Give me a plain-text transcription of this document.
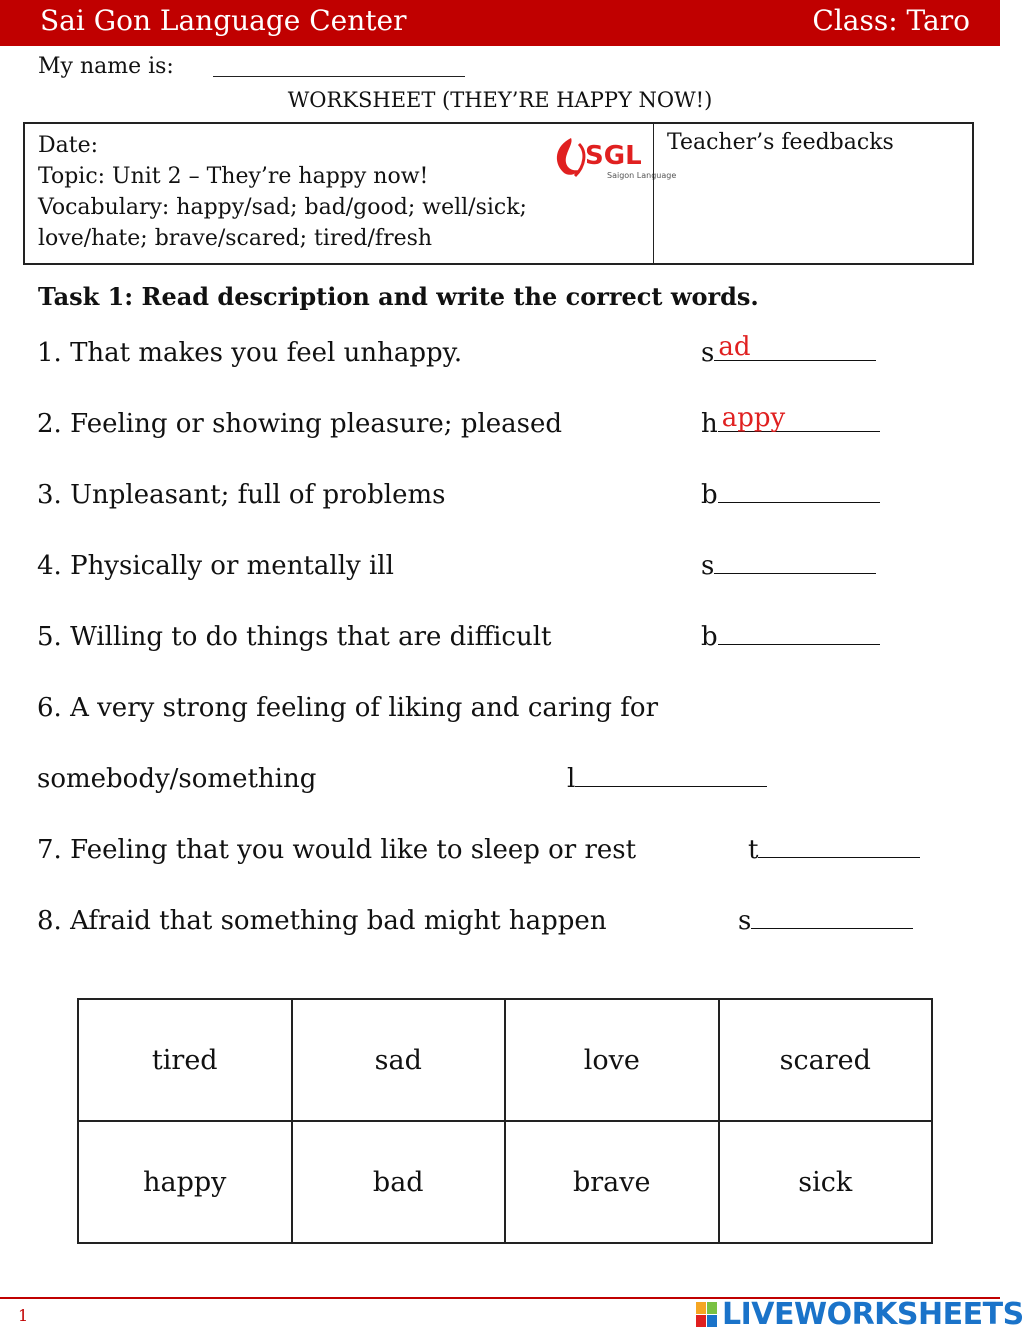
Sai Gon Language Center	Class: Taro
My name is:
WORKSHEET (THEY’RE HAPPY NOW!)
Date:
Topic: Unit 2 – They’re happy now!
Vocabulary: happy/sad; bad/good; well/sick;
love/hate; brave/scared; tired/fresh
SGL
Saigon Language
Teacher’s feedbacks
Task 1: Read description and write the correct words.
1. That makes you feel unhappy.	s ad
2. Feeling or showing pleasure; pleased	h appy
3. Unpleasant; full of problems	b
4. Physically or mentally ill	s
5. Willing to do things that are difficult	b
6. A very strong feeling of liking and caring for
somebody/something	l
7. Feeling that you would like to sleep or rest	t
8. Afraid that something bad might happen	s
tired	sad	love	scared
happy	bad	brave	sick
1	LIVEWORKSHEETS
